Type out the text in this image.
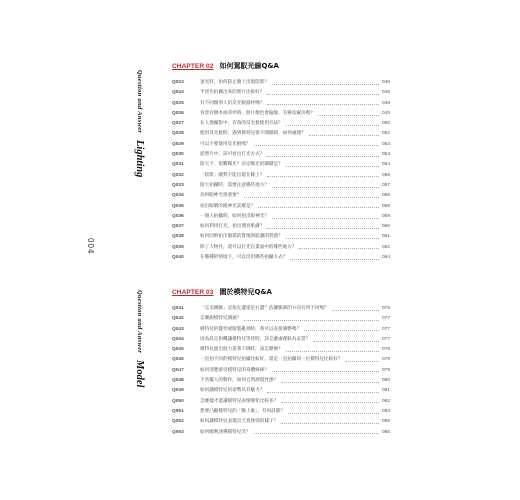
Question and Answer Lighting
004
Question and Answer Model
CHAPTER 02 如何駕馭光線Q&A
Q023	頂光時，如何防止臉上出現陰影？	048
Q024	半逆光拍攝出來的照片比較好？	049
Q025	有不同類別人的反光板器材嗎？	049
Q026	背景有樹木或草坪時，照片顏色會偏綠，有辦法解決嗎？	049
Q027	在人像攝影中，有效的反光板使用方法？	050
Q028	使用反光板時，遇到模特兒很不開眼睛，如何處理？	052
Q029	可以不要使用反光板嗎？	053
Q030	從照片中，該可看出打光方式？	053
Q031	陰天下，很難曝光？決定曝光的關鍵是？	054
Q032	「陰影」總對不能出現在臉上？	056
Q033	陰天拍攝時，需要注意哪些地方？	057
Q034	為何眼神光很重要？	058
Q035	拍出眼睛的眼神光訣竅是？	059
Q036	一個人拍攝時，如何拍出眼神光？	059
Q037	如何利用打光，拍出透亮肌膚？	060
Q038	如何同時拍出服裝的質地與肌膚的質感？	061
Q039	除了人物外，還可以打光在畫面中的哪些地方？	062
Q040	在哪種的情境下，可以沒用哪些拍攝方式？	064
CHAPTER 03 圍於模特兒Q&A
Q041	「完美側臉」是指左邊還是右邊？依據臉部的方向有所不同嗎？	076
Q042	怎麼跟模特兒溝通？	077
Q043	模特兒的髮型或服裝亂掉時，我可以直接調整嗎？	077
Q044	因為設定和機讓模特兒等待時，該怎麼處理較為妥當？	077
Q045	模特兒演出既力還著下降時，該怎麼辦？	078
Q046	一直拍不同的模特兒拍攝比較好，還是一直拍攝同一位模特兒比較好？	078
Q047	如何清楚感受模特兒的身體線條？	079
Q048	不善擺人的動作，如何自然展現性感？	080
Q049	如何讓模特兒的姿勢具有魅力？	081
Q050	怎麼樣才能讓模特兒表情變化比較多？	082
Q051	想要凸顯模特兒的「臉上素」，有何訣竅？	083
Q052	如何讓模特兒表現出天真無邪的樣子？	085
Q053	如何順利誘導模特兒笑？	085
